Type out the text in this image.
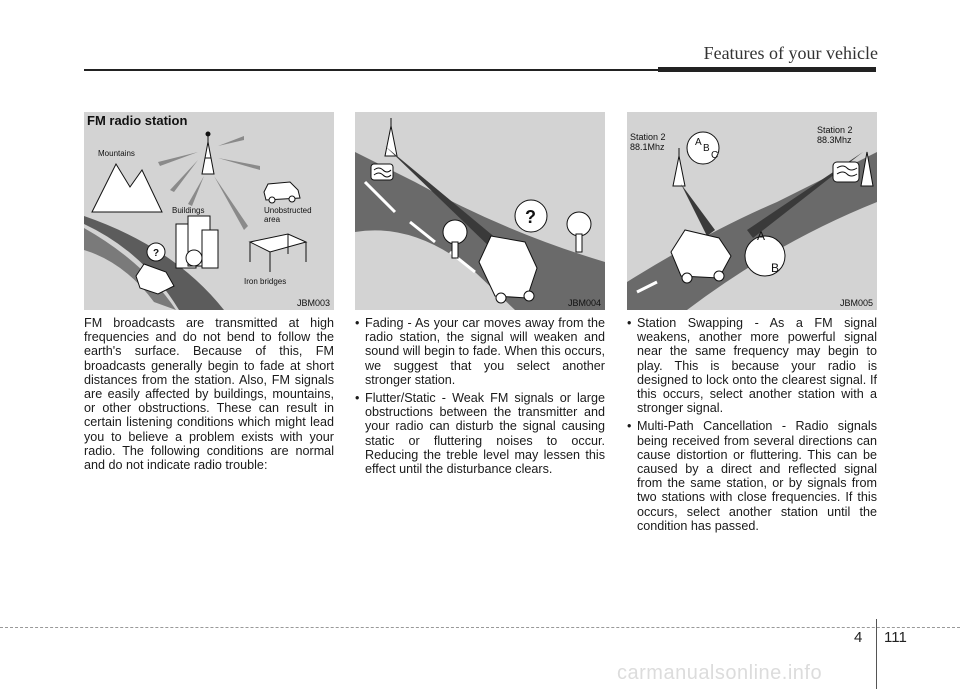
Features of your vehicle
FM radio station
Mountains
Buildings	Unobstructed
area
Iron bridges
?
JBM003
?
JBM004
Station 2
88.1Mhz
Station 2
88.3Mhz
A
B
C
A
B
JBM005

FM broadcasts are transmitted at high frequencies and do not bend to follow the earth's surface. Because of this, FM broadcasts generally begin to fade at short distances from the station. Also, FM signals are easily affected by buildings, mountains, or other obstructions. These can result in certain listening conditions which might lead you to believe a problem exists with your radio. The following conditions are normal and do not indicate radio trouble:

• Fading - As your car moves away from the radio station, the signal will weaken and sound will begin to fade. When this occurs, we suggest that you select another stronger station.
• Flutter/Static - Weak FM signals or large obstructions between the transmitter and your radio can disturb the signal causing static or fluttering noises to occur. Reducing the treble level may lessen this effect until the disturbance clears.
• Station Swapping - As a FM signal weakens, another more powerful signal near the same frequency may begin to play. This is because your radio is designed to lock onto the clearest signal. If this occurs, select another station with a stronger signal.
• Multi-Path Cancellation - Radio signals being received from several directions can cause distortion or fluttering. This can be caused by a direct and reflected signal from the same station, or by signals from two stations with close frequencies. If this occurs, select another station until the condition has passed.
4 111
carmanualsonline.info
